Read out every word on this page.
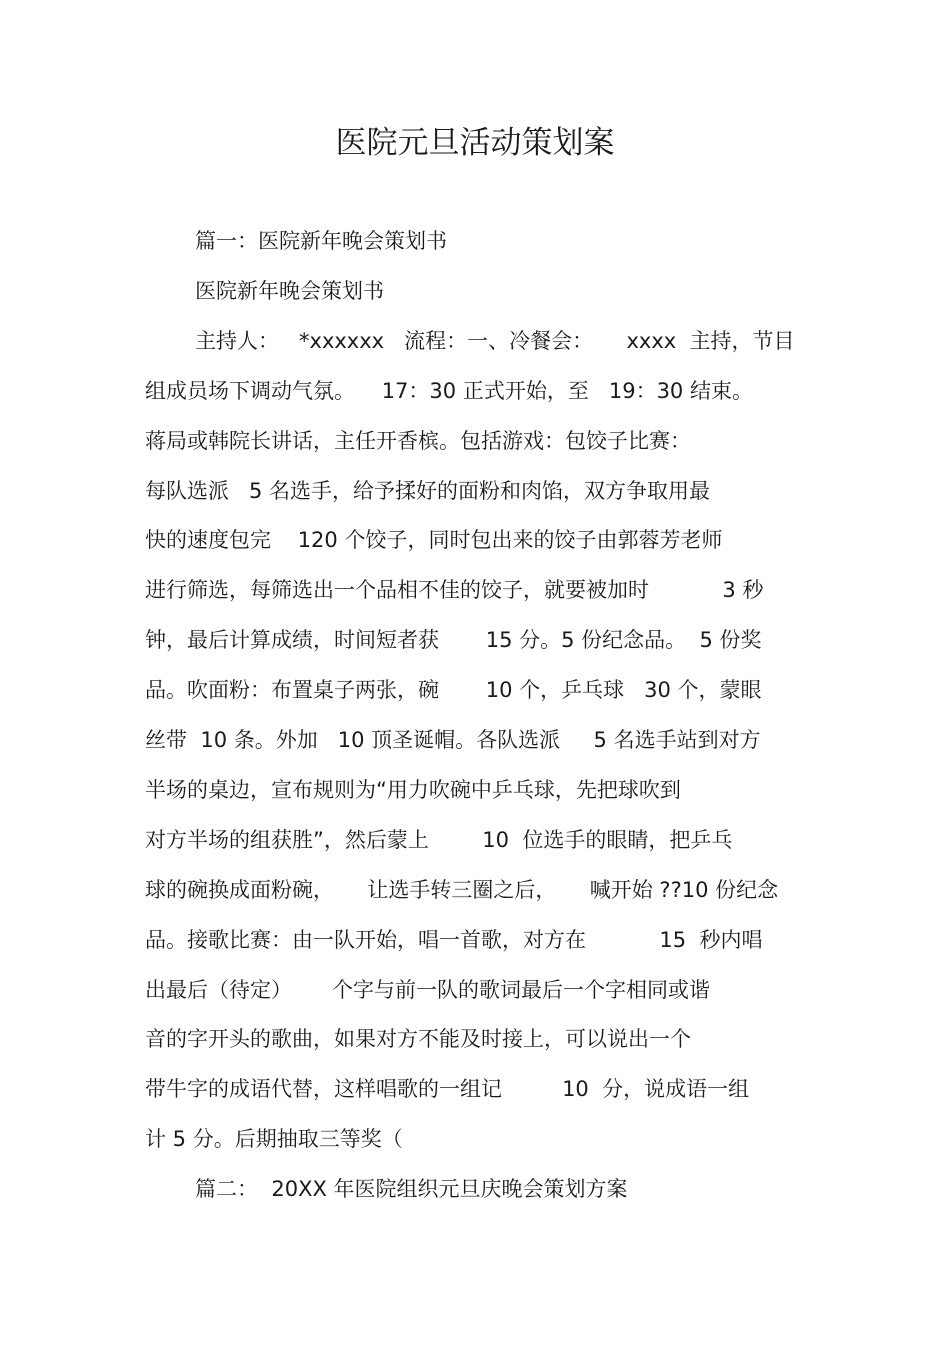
医院元旦活动策划案
篇一：医院新年晚会策划书
医院新年晚会策划书
主持人：   *xxxxxx   流程：一、冷餐会：     xxxx  主持，节目
组成员场下调动气氛。    17：30 正式开始，至   19：30 结束。
蒋局或韩院长讲话，主任开香槟。包括游戏：包饺子比赛：
每队选派   5 名选手，给予揉好的面粉和肉馅，双方争取用最
快的速度包完    120 个饺子，同时包出来的饺子由郭蓉芳老师
进行筛选，每筛选出一个品相不佳的饺子，就要被加时           3 秒
钟，最后计算成绩，时间短者获       15 分。5 份纪念品。  5 份奖
品。吹面粉：布置桌子两张，碗       10 个，乒乓球   30 个，蒙眼
丝带  10 条。外加   10 顶圣诞帽。各队选派     5 名选手站到对方
半场的桌边，宣布规则为“用力吹碗中乒乓球，先把球吹到
对方半场的组获胜”，然后蒙上        10  位选手的眼睛，把乒乓
球的碗换成面粉碗，     让选手转三圈之后，     喊开始 ??10 份纪念
品。接歌比赛：由一队开始，唱一首歌，对方在           15  秒内唱
出最后（待定）      个字与前一队的歌词最后一个字相同或谐
音的字开头的歌曲，如果对方不能及时接上，可以说出一个
带牛字的成语代替，这样唱歌的一组记         10  分，说成语一组
计 5 分。后期抽取三等奖（
篇二：  20XX 年医院组织元旦庆晚会策划方案
